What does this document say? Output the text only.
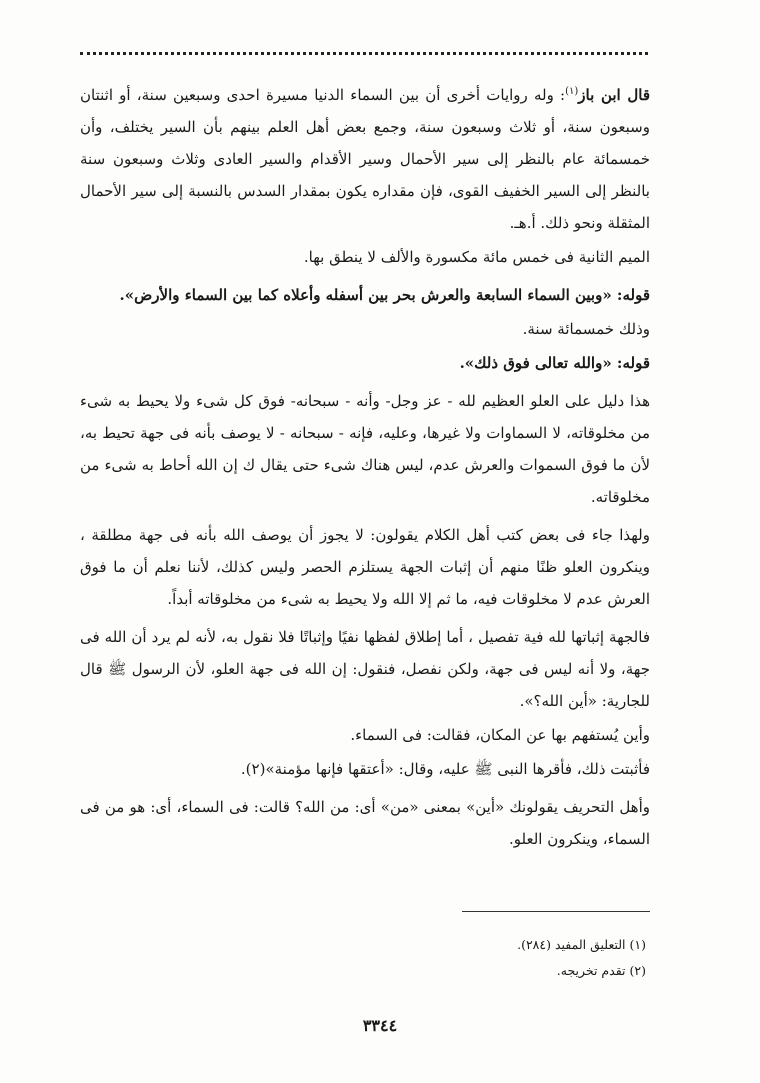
قال ابن باز$^{(١)}$: وله روايات أخرى أن بين السماء الدنيا مسيرة احدى وسبعين سنة، أو اثنتان وسبعون سنة، أو ثلاث وسبعون سنة، وجمع بعض أهل العلم بينهم بأن السير يختلف، وأن خمسمائة عام بالنظر إلى سير الأحمال وسير الأقدام والسير العادى وثلاث وسبعون سنة بالنظر إلى السير الخفيف القوى، فإن مقداره يكون بمقدار السدس بالنسبة إلى سير الأحمال المثقلة ونحو ذلك. أ.هـ.

الميم الثانية فى خمس مائة مكسورة والألف لا ينطق بها.

قوله: «وبين السماء السابعة والعرش بحر بين أسفله وأعلاه كما بين السماء والأرض».

وذلك خمسمائة سنة.

قوله: «والله تعالى فوق ذلك».

هذا دليل على العلو العظيم لله - عز وجل- وأنه - سبحانه- فوق كل شىء ولا يحيط به شىء من مخلوقاته، لا السماوات ولا غيرها، وعليه، فإنه - سبحانه - لا يوصف بأنه فى جهة تحيط به، لأن ما فوق السموات والعرش عدم، ليس هناك شىء حتى يقال ك إن الله أحاط به شىء من مخلوقاته.

ولهذا جاء فى بعض كتب أهل الكلام يقولون: لا يجوز أن يوصف الله بأنه فى جهة مطلقة ، وينكرون العلو ظنًا منهم أن إثبات الجهة يستلزم الحصر وليس كذلك، لأننا نعلم أن ما فوق العرش عدم لا مخلوقات فيه، ما ثم إلا الله ولا يحيط به شىء من مخلوقاته أبداً.

فالجهة إثباتها لله فية تفصيل ، أما إطلاق لفظها نفيًا وإثباتًا فلا نقول به، لأنه لم يرد أن الله فى جهة، ولا أنه ليس فى جهة، ولكن نفصل، فنقول: إن الله فى جهة العلو، لأن الرسول ﷺ قال للجارية: «أين الله؟».

وأين يُستفهم بها عن المكان، فقالت: فى السماء.

فأثبتت ذلك، فأقرها النبى ﷺ عليه، وقال: «أعتقها فإنها مؤمنة»(٢).

وأهل التحريف يقولونك «أين» بمعنى «من» أى: من الله؟ قالت: فى السماء، أى: هو من فى السماء، وينكرون العلو.

(١) التعليق المفيد (٢٨٤).
(٢) تقدم تخريجه.
٣٣٤٤
